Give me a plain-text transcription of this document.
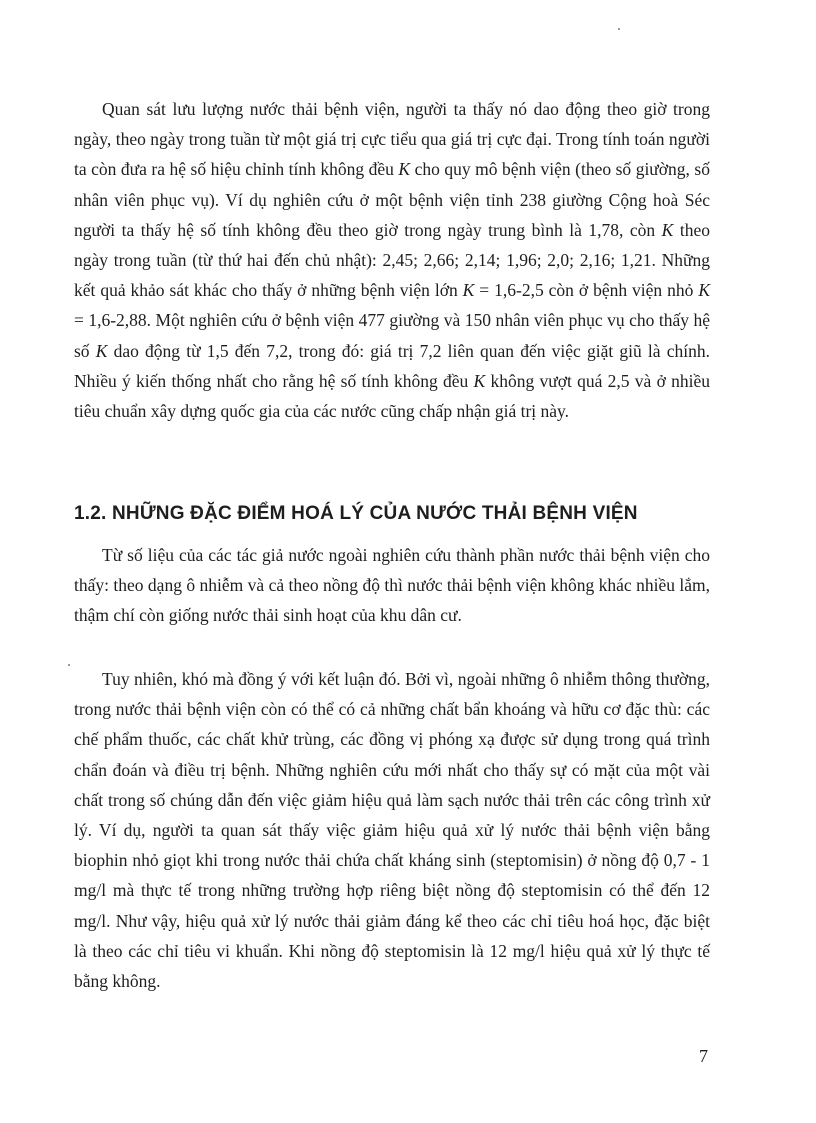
Quan sát lưu lượng nước thải bệnh viện, người ta thấy nó dao động theo giờ trong ngày, theo ngày trong tuần từ một giá trị cực tiểu qua giá trị cực đại. Trong tính toán người ta còn đưa ra hệ số hiệu chỉnh tính không đều K cho quy mô bệnh viện (theo số giường, số nhân viên phục vụ). Ví dụ nghiên cứu ở một bệnh viện tỉnh 238 giường Cộng hoà Séc người ta thấy hệ số tính không đều theo giờ trong ngày trung bình là 1,78, còn K theo ngày trong tuần (từ thứ hai đến chủ nhật): 2,45; 2,66; 2,14; 1,96; 2,0; 2,16; 1,21. Những kết quả khảo sát khác cho thấy ở những bệnh viện lớn K = 1,6-2,5 còn ở bệnh viện nhỏ K = 1,6-2,88. Một nghiên cứu ở bệnh viện 477 giường và 150 nhân viên phục vụ cho thấy hệ số K dao động từ 1,5 đến 7,2, trong đó: giá trị 7,2 liên quan đến việc giặt giũ là chính. Nhiều ý kiến thống nhất cho rằng hệ số tính không đều K không vượt quá 2,5 và ở nhiều tiêu chuẩn xây dựng quốc gia của các nước cũng chấp nhận giá trị này.

1.2. NHỮNG ĐẶC ĐIỂM HOÁ LÝ CỦA NƯỚC THẢI BỆNH VIỆN

Từ số liệu của các tác giả nước ngoài nghiên cứu thành phần nước thải bệnh viện cho thấy: theo dạng ô nhiễm và cả theo nồng độ thì nước thải bệnh viện không khác nhiều lắm, thậm chí còn giống nước thải sinh hoạt của khu dân cư.

Tuy nhiên, khó mà đồng ý với kết luận đó. Bởi vì, ngoài những ô nhiễm thông thường, trong nước thải bệnh viện còn có thể có cả những chất bẩn khoáng và hữu cơ đặc thù: các chế phẩm thuốc, các chất khử trùng, các đồng vị phóng xạ được sử dụng trong quá trình chẩn đoán và điều trị bệnh. Những nghiên cứu mới nhất cho thấy sự có mặt của một vài chất trong số chúng dẫn đến việc giảm hiệu quả làm sạch nước thải trên các công trình xử lý. Ví dụ, người ta quan sát thấy việc giảm hiệu quả xử lý nước thải bệnh viện bằng biophin nhỏ giọt khi trong nước thải chứa chất kháng sinh (steptomisin) ở nồng độ 0,7 - 1 mg/l mà thực tế trong những trường hợp riêng biệt nồng độ steptomisin có thể đến 12 mg/l. Như vậy, hiệu quả xử lý nước thải giảm đáng kể theo các chỉ tiêu hoá học, đặc biệt là theo các chỉ tiêu vi khuẩn. Khi nồng độ steptomisin là 12 mg/l hiệu quả xử lý thực tế bằng không.

7
